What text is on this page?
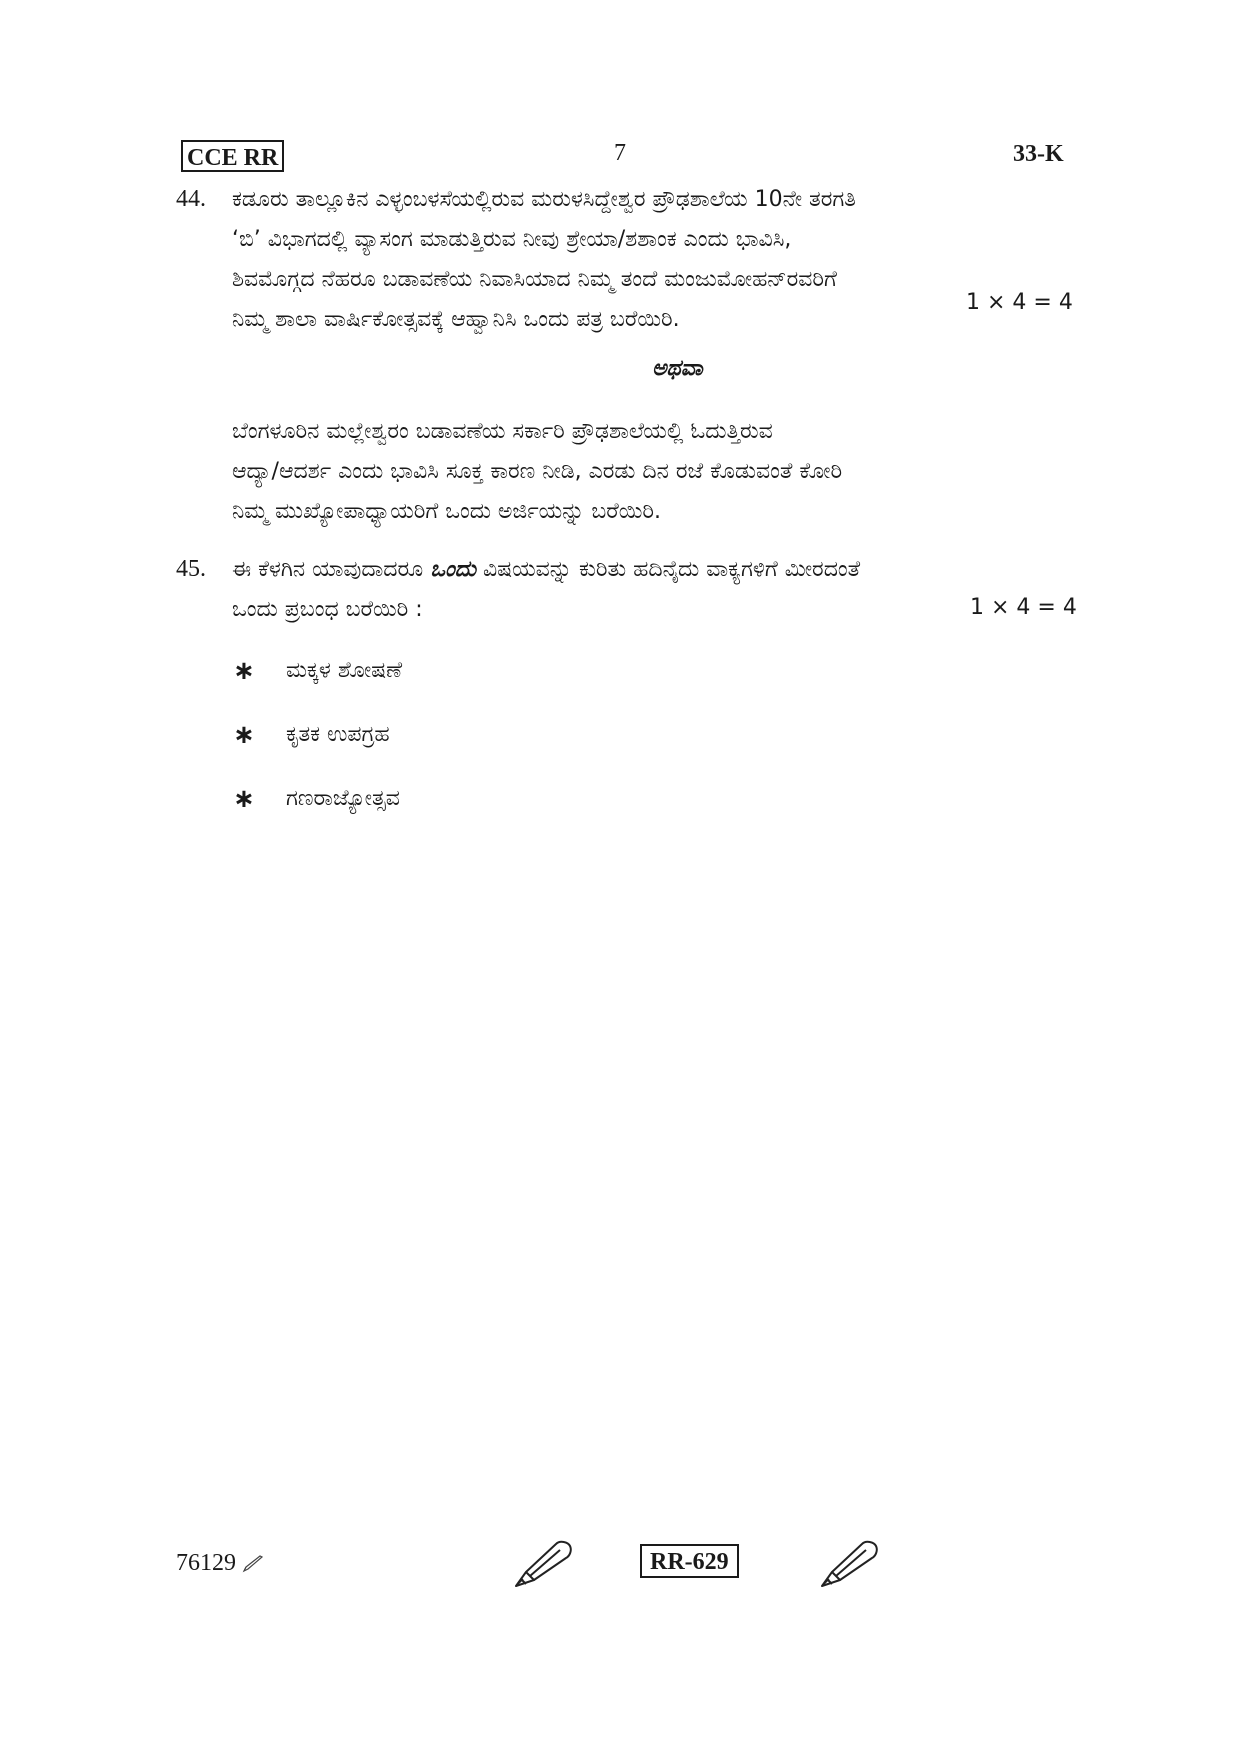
CCE RR	7	33-K
44. ಕಡೂರು ತಾಲ್ಲೂಕಿನ ಎಳ್ಳಂಬಳಸೆಯಲ್ಲಿರುವ ಮರುಳಸಿದ್ದೇಶ್ವರ ಪ್ರೌಢಶಾಲೆಯ 10ನೇ ತರಗತಿ
‘ಬಿ’ ವಿಭಾಗದಲ್ಲಿ ವ್ಯಾಸಂಗ ಮಾಡುತ್ತಿರುವ ನೀವು ಶ್ರೇಯಾ/ಶಶಾಂಕ ಎಂದು ಭಾವಿಸಿ,
ಶಿವಮೊಗ್ಗದ ನೆಹರೂ ಬಡಾವಣೆಯ ನಿವಾಸಿಯಾದ ನಿಮ್ಮ ತಂದೆ ಮಂಜುಮೋಹನ್‌ರವರಿಗೆ
ನಿಮ್ಮ ಶಾಲಾ ವಾರ್ಷಿಕೋತ್ಸವಕ್ಕೆ ಆಹ್ವಾನಿಸಿ ಒಂದು ಪತ್ರ ಬರೆಯಿರಿ.
1 × 4 = 4
ಅಥವಾ
ಬೆಂಗಳೂರಿನ ಮಲ್ಲೇಶ್ವರಂ ಬಡಾವಣೆಯ ಸರ್ಕಾರಿ ಪ್ರೌಢಶಾಲೆಯಲ್ಲಿ ಓದುತ್ತಿರುವ
ಆದ್ಯಾ/ಆದರ್ಶ ಎಂದು ಭಾವಿಸಿ ಸೂಕ್ತ ಕಾರಣ ನೀಡಿ, ಎರಡು ದಿನ ರಜೆ ಕೊಡುವಂತೆ ಕೋರಿ
ನಿಮ್ಮ ಮುಖ್ಯೋಪಾಧ್ಯಾಯರಿಗೆ ಒಂದು ಅರ್ಜಿಯನ್ನು ಬರೆಯಿರಿ.
45. ಈ ಕೆಳಗಿನ ಯಾವುದಾದರೂ ಒಂದು ವಿಷಯವನ್ನು ಕುರಿತು ಹದಿನೈದು ವಾಕ್ಯಗಳಿಗೆ ಮೀರದಂತೆ
ಒಂದು ಪ್ರಬಂಧ ಬರೆಯಿರಿ :	1 × 4 = 4
∗ ಮಕ್ಕಳ ಶೋಷಣೆ
∗ ಕೃತಕ ಉಪಗ್ರಹ
∗ ಗಣರಾಜ್ಯೋತ್ಸವ
76129	RR-629
